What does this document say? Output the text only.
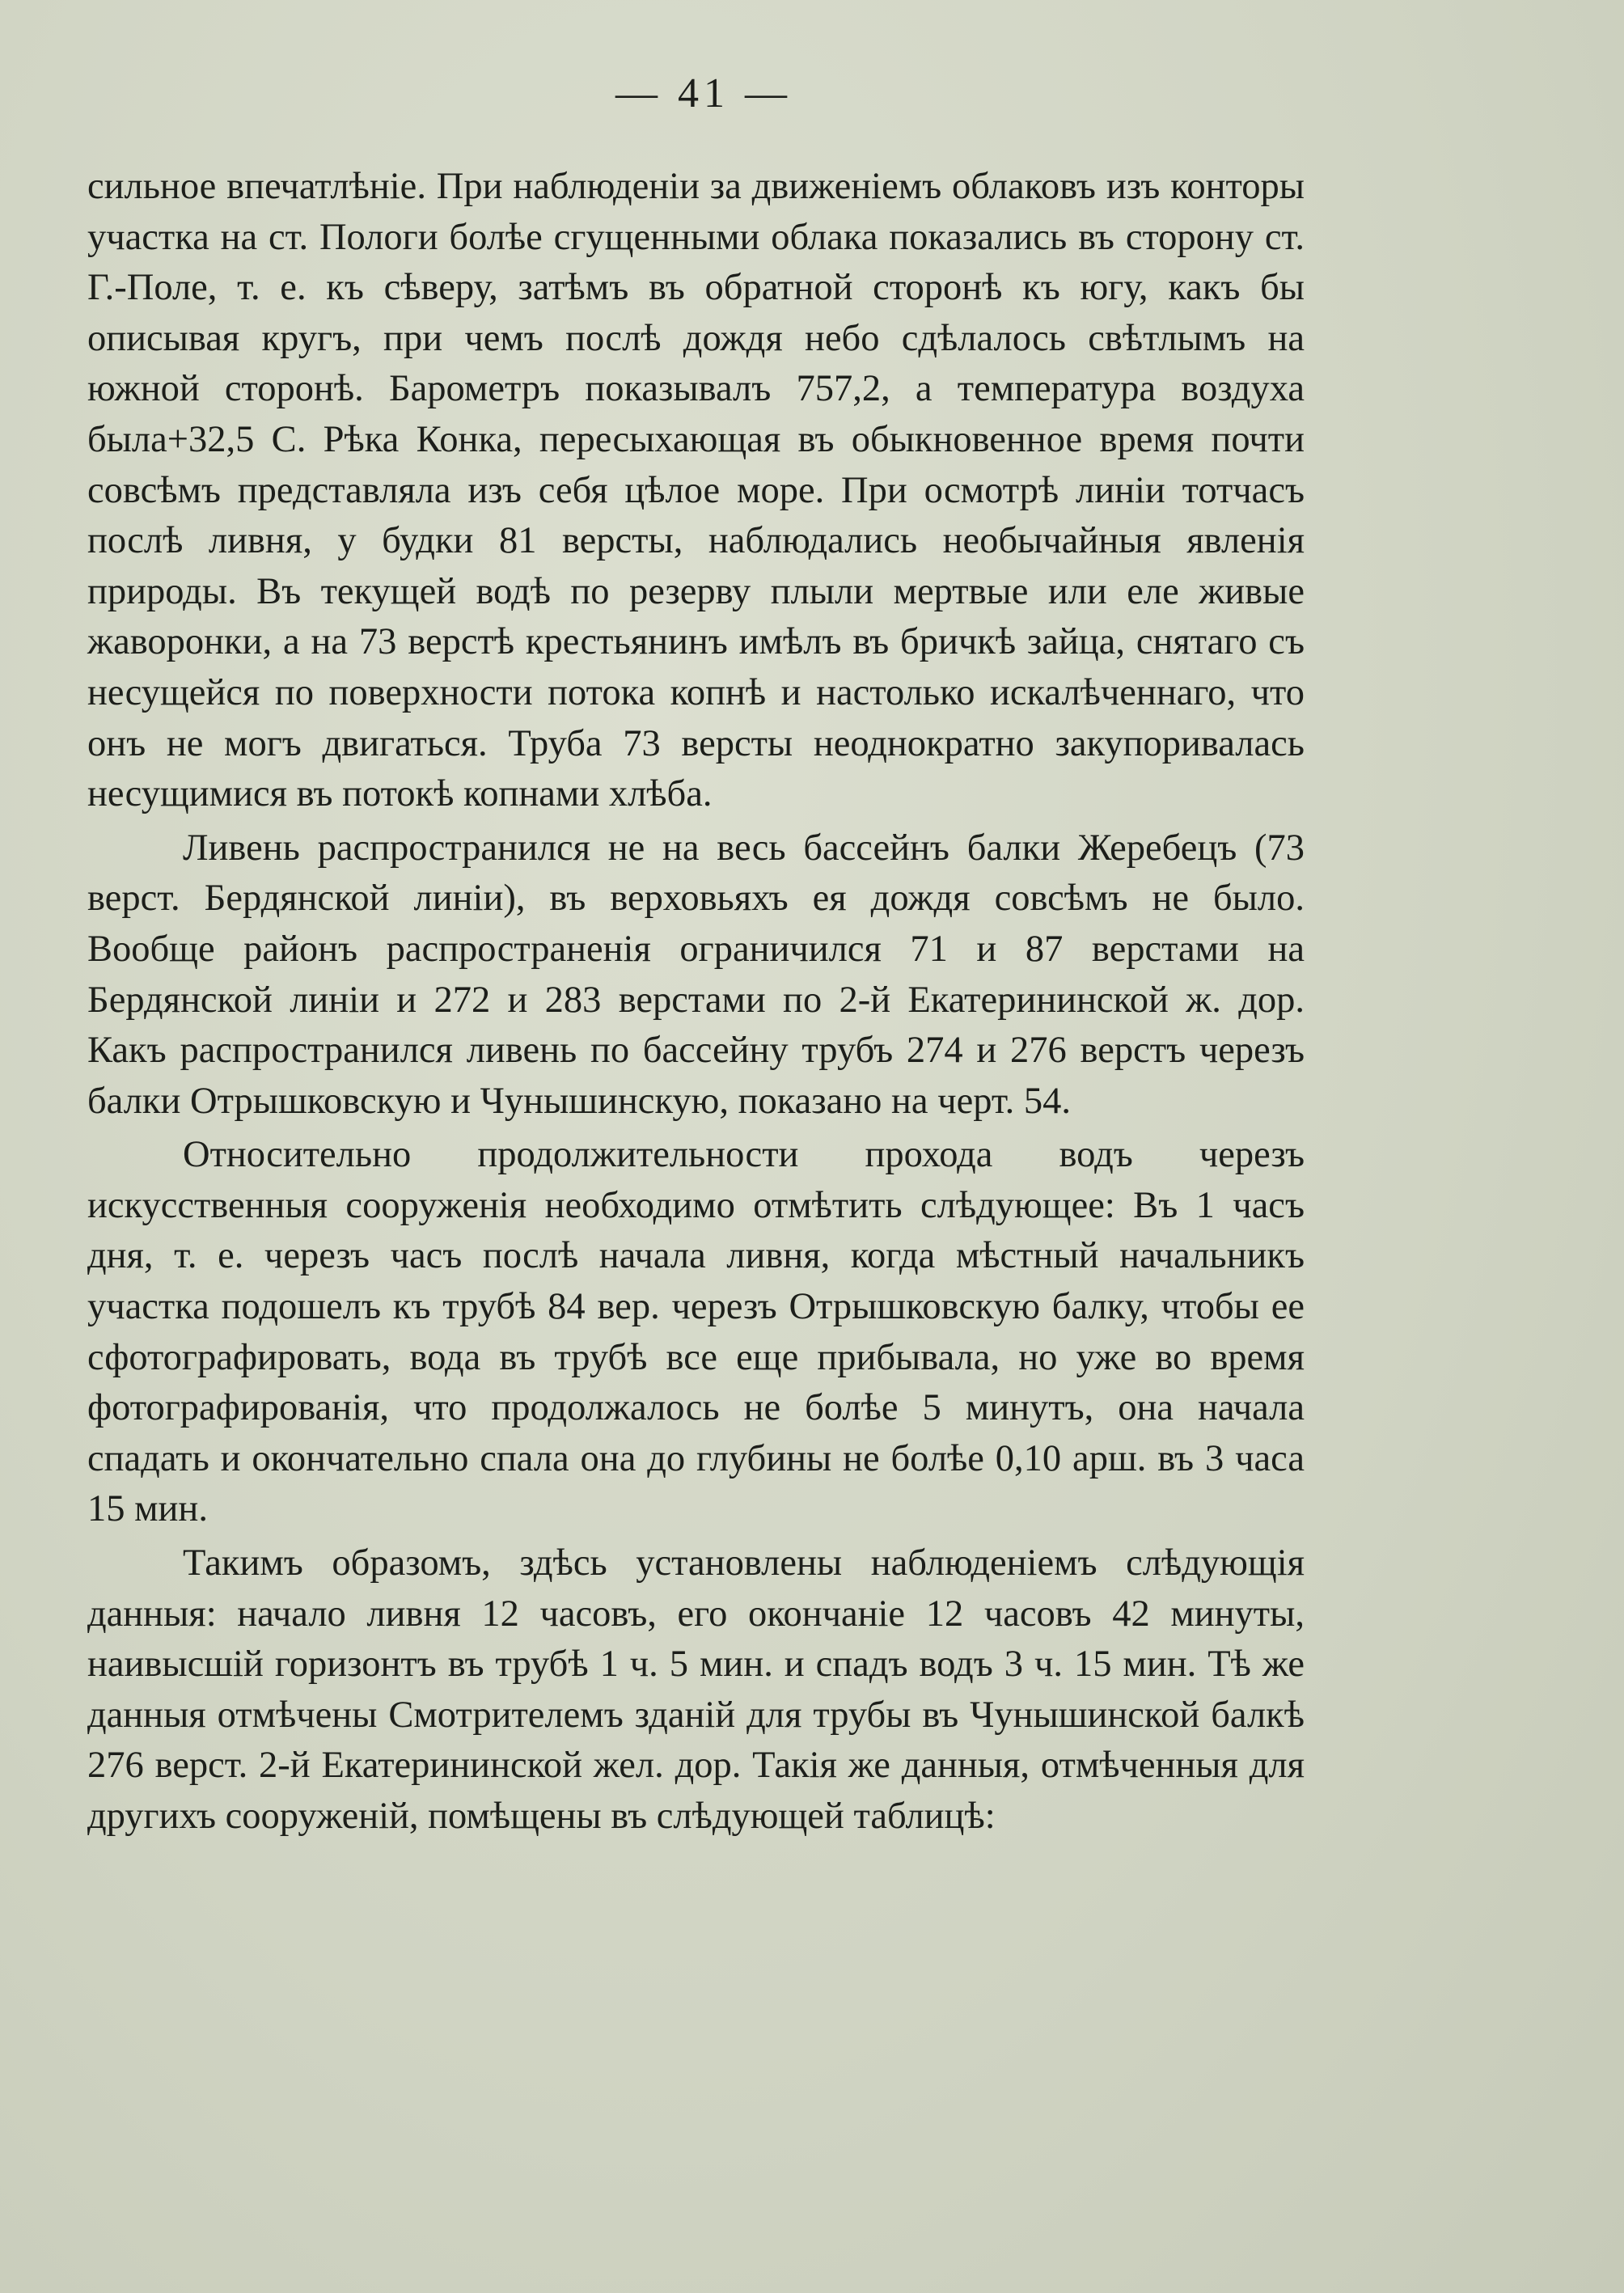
— 41 —

сильное впечатлѣніе. При наблюденіи за движеніемъ облаковъ изъ конторы участка на ст. Пологи болѣе сгущенными облака показались въ сторону ст. Г.-Поле, т. е. къ сѣверу, затѣмъ въ обратной сторонѣ къ югу, какъ бы описывая кругъ, при чемъ послѣ дождя небо сдѣлалось свѣтлымъ на южной сторонѣ. Барометръ показывалъ 757,2, а температура воздуха была+32,5 С. Рѣка Конка, пересыхающая въ обыкновенное время почти совсѣмъ представляла изъ себя цѣлое море. При осмотрѣ линіи тотчасъ послѣ ливня, у будки 81 версты, наблюдались необычайныя явленія природы. Въ текущей водѣ по резерву плыли мертвые или еле живые жаворонки, а на 73 верстѣ крестьянинъ имѣлъ въ бричкѣ зайца, снятаго съ несущейся по поверхности потока копнѣ и настолько искалѣченнаго, что онъ не могъ двигаться. Труба 73 версты неоднократно закупоривалась несущимися въ потокѣ копнами хлѣба.

Ливень распространился не на весь бассейнъ балки Жеребецъ (73 верст. Бердянской линіи), въ верховьяхъ ея дождя совсѣмъ не было. Вообще районъ распространенія ограничился 71 и 87 верстами на Бердянской линіи и 272 и 283 верстами по 2-й Екатерининской ж. дор. Какъ распространился ливень по бассейну трубъ 274 и 276 верстъ черезъ балки Отрышковскую и Чунышинскую, показано на черт. 54.

Относительно продолжительности прохода водъ черезъ искусственныя сооруженія необходимо отмѣтить слѣдующее: Въ 1 часъ дня, т. е. черезъ часъ послѣ начала ливня, когда мѣстный начальникъ участка подошелъ къ трубѣ 84 вер. черезъ Отрышковскую балку, чтобы ее сфотографировать, вода въ трубѣ все еще прибывала, но уже во время фотографированія, что продолжалось не болѣе 5 минутъ, она начала спадать и окончательно спала она до глубины не болѣе 0,10 арш. въ 3 часа 15 мин.

Такимъ образомъ, здѣсь установлены наблюденіемъ слѣдующія данныя: начало ливня 12 часовъ, его окончаніе 12 часовъ 42 минуты, наивысшій горизонтъ въ трубѣ 1 ч. 5 мин. и спадъ водъ 3 ч. 15 мин. Тѣ же данныя отмѣчены Смотрителемъ зданій для трубы въ Чунышинской балкѣ 276 верст. 2-й Екатерининской жел. дор. Такія же данныя, отмѣченныя для другихъ сооруженій, помѣщены въ слѣдующей таблицѣ:
